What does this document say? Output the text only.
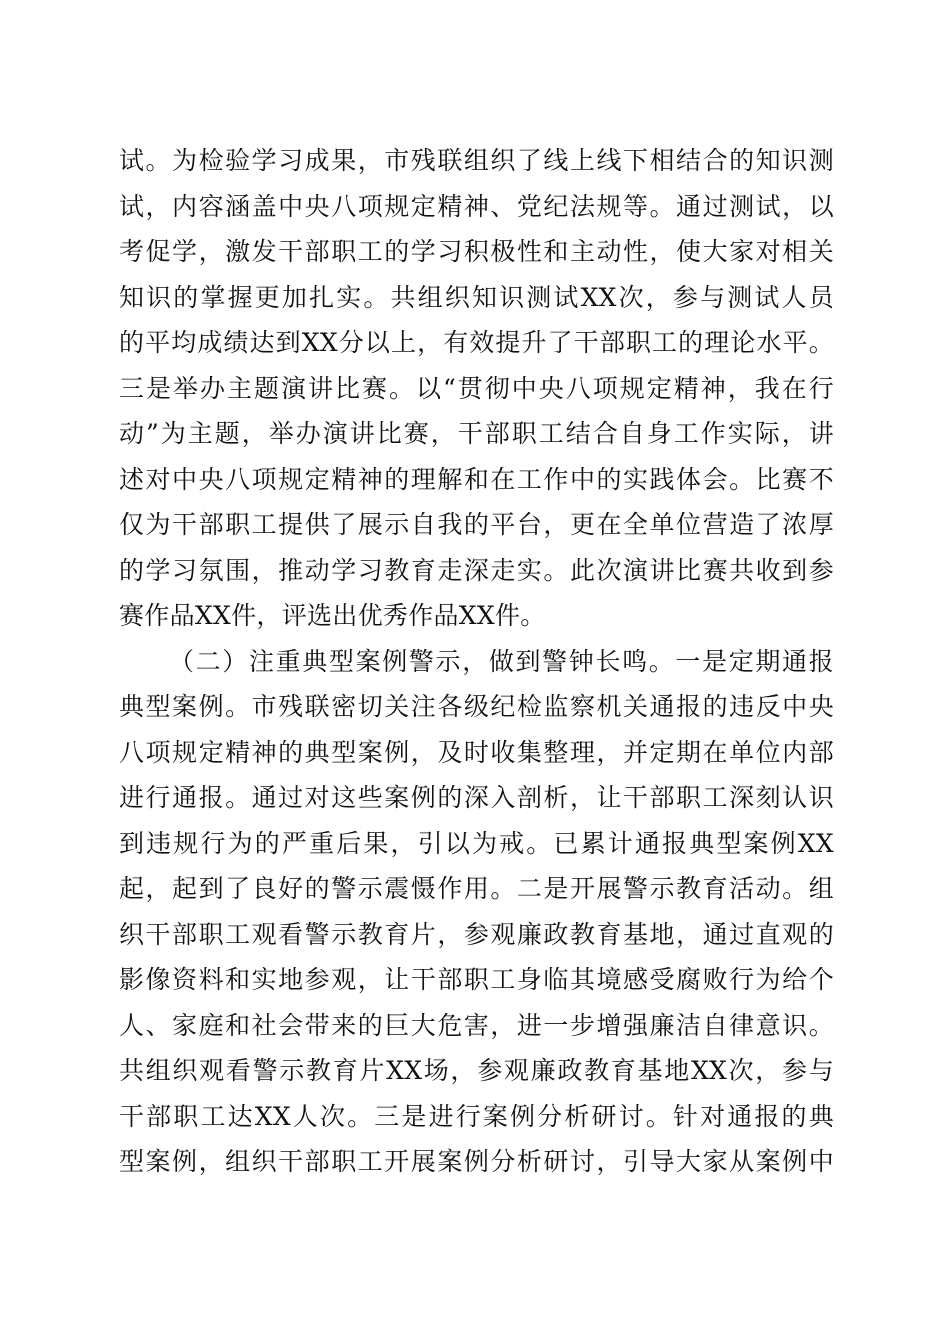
试。为检验学习成果，市残联组织了线上线下相结合的知识测
试，内容涵盖中央八项规定精神、党纪法规等。通过测试，以
考促学，激发干部职工的学习积极性和主动性，使大家对相关
知识的掌握更加扎实。共组织知识测试XX次，参与测试人员
的平均成绩达到XX分以上，有效提升了干部职工的理论水平。
三是举办主题演讲比赛。以“贯彻中央八项规定精神，我在行
动”为主题，举办演讲比赛，干部职工结合自身工作实际，讲
述对中央八项规定精神的理解和在工作中的实践体会。比赛不
仅为干部职工提供了展示自我的平台，更在全单位营造了浓厚
的学习氛围，推动学习教育走深走实。此次演讲比赛共收到参
赛作品XX件，评选出优秀作品XX件。
（二）注重典型案例警示，做到警钟长鸣。一是定期通报
典型案例。市残联密切关注各级纪检监察机关通报的违反中央
八项规定精神的典型案例，及时收集整理，并定期在单位内部
进行通报。通过对这些案例的深入剖析，让干部职工深刻认识
到违规行为的严重后果，引以为戒。已累计通报典型案例XX
起，起到了良好的警示震慑作用。二是开展警示教育活动。组
织干部职工观看警示教育片，参观廉政教育基地，通过直观的
影像资料和实地参观，让干部职工身临其境感受腐败行为给个
人、家庭和社会带来的巨大危害，进一步增强廉洁自律意识。
共组织观看警示教育片XX场，参观廉政教育基地XX次，参与
干部职工达XX人次。三是进行案例分析研讨。针对通报的典
型案例，组织干部职工开展案例分析研讨，引导大家从案例中
